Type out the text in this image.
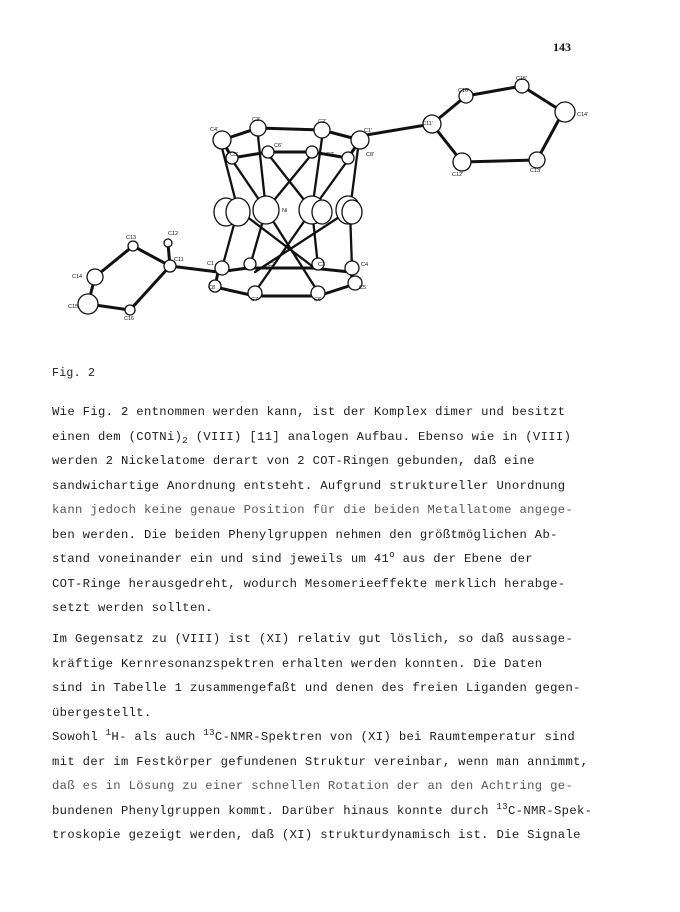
143
C4'
C3'	C2'
C1'
C5'
C6'
C7'	C8'
C11'
C16'
C15'
C14'
C13'
C12'
Ni
C1	C2	C3	C4
C5
C6
C7
C8
C11
C12
C13
C14
C15
C16
Fig. 2
Wie Fig. 2 entnommen werden kann, ist der Komplex dimer und besitzt
einen dem $(COTNi)_2$ (VIII) [11] analogen Aufbau. Ebenso wie in (VIII)
werden 2 Nickelatome derart von 2 COT-Ringen gebunden, daß eine
sandwichartige Anordnung entsteht. Aufgrund struktureller Unordnung
kann jedoch keine genaue Position für die beiden Metallatome angege-
ben werden. Die beiden Phenylgruppen nehmen den größtmöglichen Ab-
stand voneinander ein und sind jeweils um 41$^o$ aus der Ebene der
COT-Ringe herausgedreht, wodurch Mesomerieeffekte merklich herabge-
setzt werden sollten.
Im Gegensatz zu (VIII) ist (XI) relativ gut löslich, so daß aussage-
kräftige Kernresonanzspektren erhalten werden konnten. Die Daten
sind in Tabelle 1 zusammengefaßt und denen des freien Liganden gegen-
übergestellt.
Sowohl $^1$H- als auch $^{13}$C-NMR-Spektren von (XI) bei Raumtemperatur sind
mit der im Festkörper gefundenen Struktur vereinbar, wenn man annimmt,
daß es in Lösung zu einer schnellen Rotation der an den Achtring ge-
bundenen Phenylgruppen kommt. Darüber hinaus konnte durch $^{13}$C-NMR-Spek-
troskopie gezeigt werden, daß (XI) strukturdynamisch ist. Die Signale
